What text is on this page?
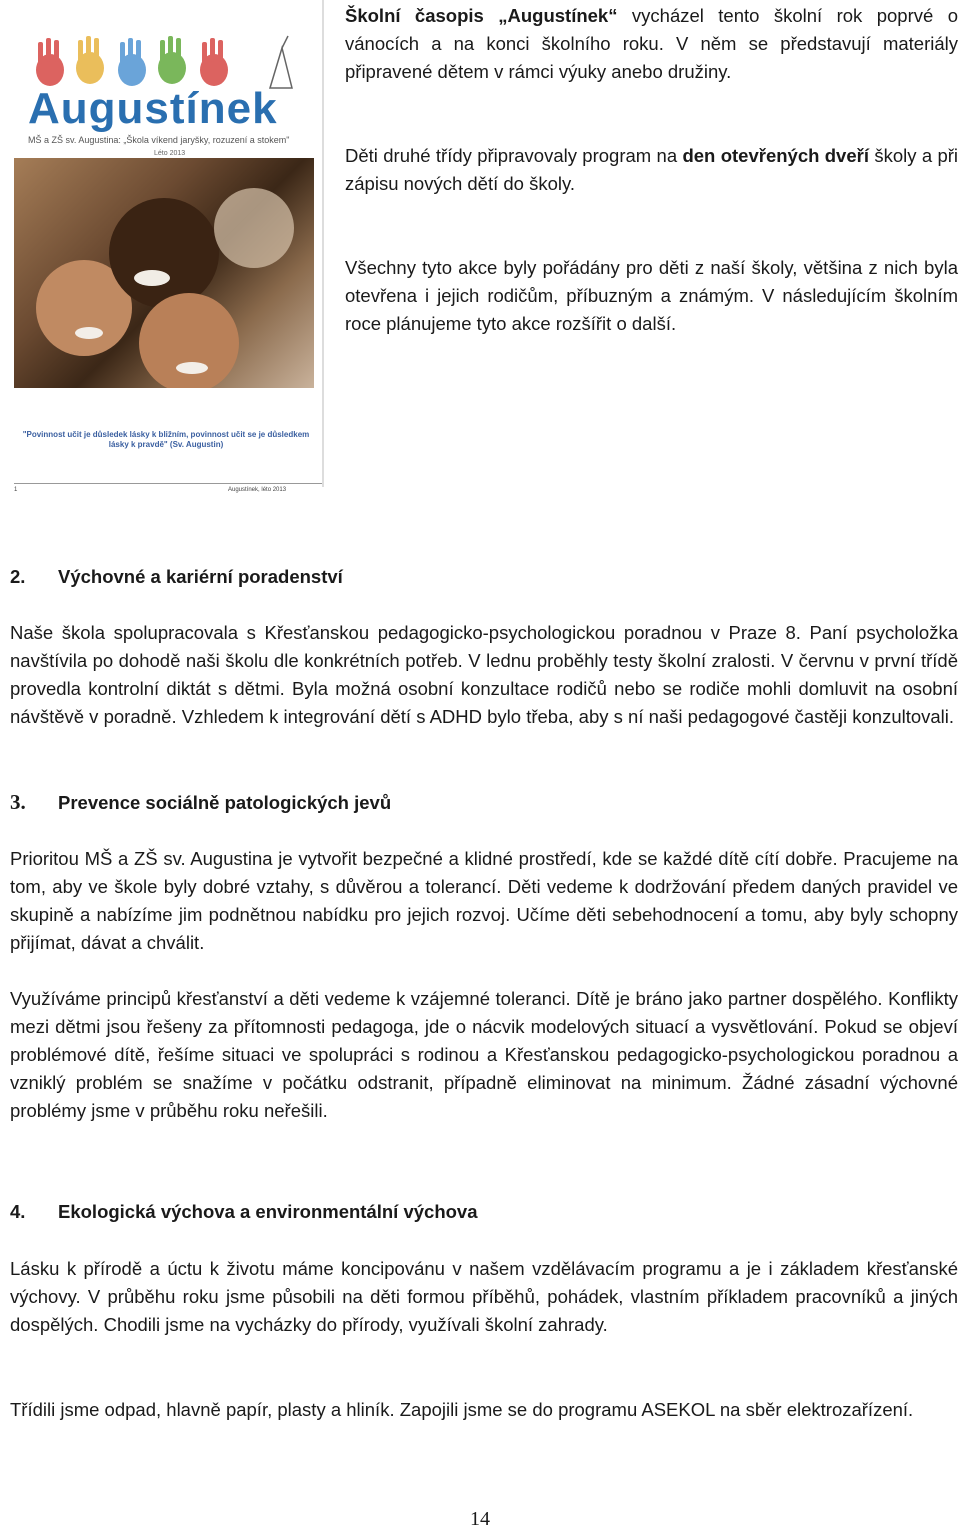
Augustínek
MŠ a ZŠ sv. Augustina: „Škola víkend jaryšky, rozuzení a stokem"
Léto 2013
"Povinnost učit je důsledek lásky k bližním, povinnost učit se je důsledkem lásky k pravdě" (Sv. Augustin)
1	Augustínek, léto 2013

Školní časopis „Augustínek“ vycházel tento školní rok poprvé o vánocích a na konci školního roku. V něm se představují materiály připravené dětem v rámci výuky anebo družiny.

Děti druhé třídy připravovaly program na den otevřených dveří školy a při zápisu nových dětí do školy.

Všechny tyto akce byly pořádány pro děti z naší školy, většina z nich byla otevřena i jejich rodičům, příbuzným a známým. V následujícím školním roce plánujeme tyto akce rozšířit o další.

2. Výchovné a kariérní poradenství

Naše škola spolupracovala s Křesťanskou pedagogicko-psychologickou poradnou v Praze 8. Paní psycholožka navštívila po dohodě naši školu dle konkrétních potřeb. V lednu proběhly testy školní zralosti. V červnu v první třídě provedla kontrolní diktát s dětmi. Byla možná osobní konzultace rodičů nebo se rodiče mohli domluvit na osobní návštěvě v poradně. Vzhledem k integrování dětí s ADHD bylo třeba, aby s ní naši pedagogové častěji konzultovali.

3. Prevence sociálně patologických jevů

Prioritou MŠ a ZŠ sv. Augustina je vytvořit bezpečné a klidné prostředí, kde se každé dítě cítí dobře. Pracujeme na tom, aby ve škole byly dobré vztahy, s důvěrou a tolerancí. Děti vedeme k dodržování předem daných pravidel ve skupině a nabízíme jim podnětnou nabídku pro jejich rozvoj. Učíme děti sebehodnocení a tomu, aby byly schopny přijímat, dávat a chválit.

Využíváme principů křesťanství a děti vedeme k vzájemné toleranci. Dítě je bráno jako partner dospělého. Konflikty mezi dětmi jsou řešeny za přítomnosti pedagoga, jde o nácvik modelových situací a vysvětlování. Pokud se objeví problémové dítě, řešíme situaci ve spolupráci s rodinou a Křesťanskou pedagogicko-psychologickou poradnou a vzniklý problém se snažíme v počátku odstranit, případně eliminovat na minimum. Žádné zásadní výchovné problémy jsme v průběhu roku neřešili.

4. Ekologická výchova a environmentální výchova

Lásku k přírodě a úctu k životu máme koncipovánu v našem vzdělávacím programu a je i základem křesťanské výchovy. V průběhu roku jsme působili na děti formou příběhů, pohádek, vlastním příkladem pracovníků a jiných dospělých. Chodili jsme na vycházky do přírody, využívali školní zahrady.

Třídili jsme odpad, hlavně papír, plasty a hliník. Zapojili jsme se do programu ASEKOL na sběr elektrozařízení.

14
